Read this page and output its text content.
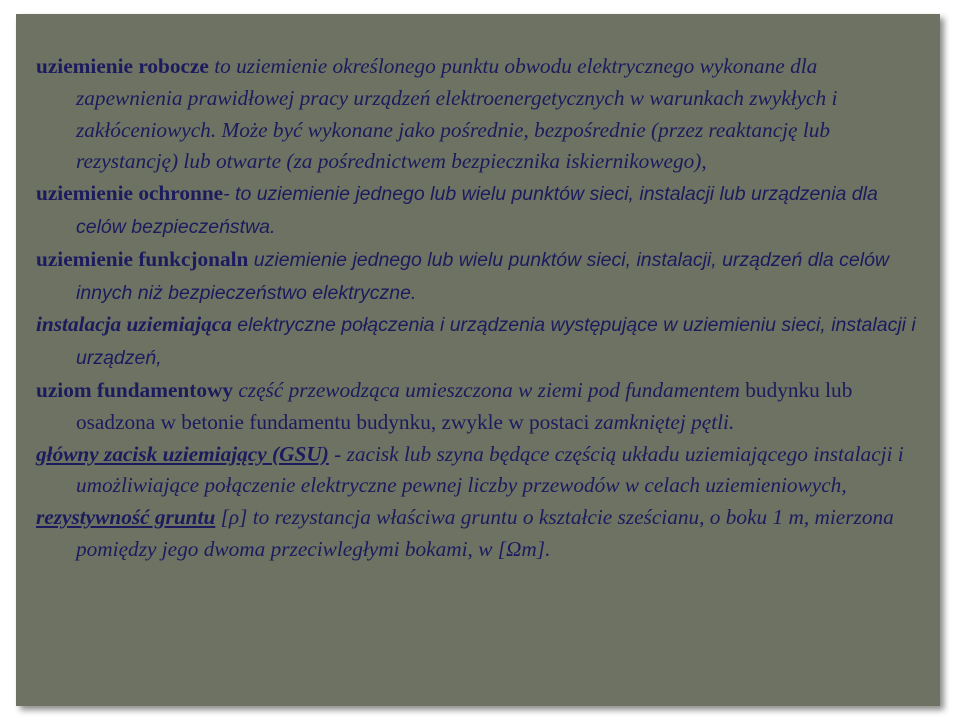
uziemienie robocze to uziemienie określonego punktu obwodu elektrycznego wykonane dla zapewnienia prawidłowej pracy urządzeń elektroenergetycznych w warunkach zwykłych i zakłóceniowych. Może być wykonane jako pośrednie, bezpośrednie (przez reaktancję lub rezystancję) lub otwarte (za pośrednictwem bezpiecznika iskiernikowego),
uziemienie ochronne- to uziemienie jednego lub wielu punktów sieci, instalacji lub urządzenia dla celów bezpieczeństwa.
uziemienie funkcjonaln uziemienie jednego lub wielu punktów sieci, instalacji, urządzeń dla celów innych niż bezpieczeństwo elektryczne.
instalacja uziemiająca elektryczne połączenia i urządzenia występujące w uziemieniu sieci, instalacji i urządzeń,
uziom fundamentowy część przewodząca umieszczona w ziemi pod fundamentem budynku lub osadzona w betonie fundamentu budynku, zwykle w postaci zamkniętej pętli.
główny zacisk uziemiający (GSU) - zacisk lub szyna będące częścią układu uziemiającego instalacji i umożliwiające połączenie elektryczne pewnej liczby przewodów w celach uziemieniowych,
rezystywność gruntu [ρ] to rezystancja właściwa gruntu o kształcie sześcianu, o boku 1 m, mierzona pomiędzy jego dwoma przeciwległymi bokami, w [Ωm].
